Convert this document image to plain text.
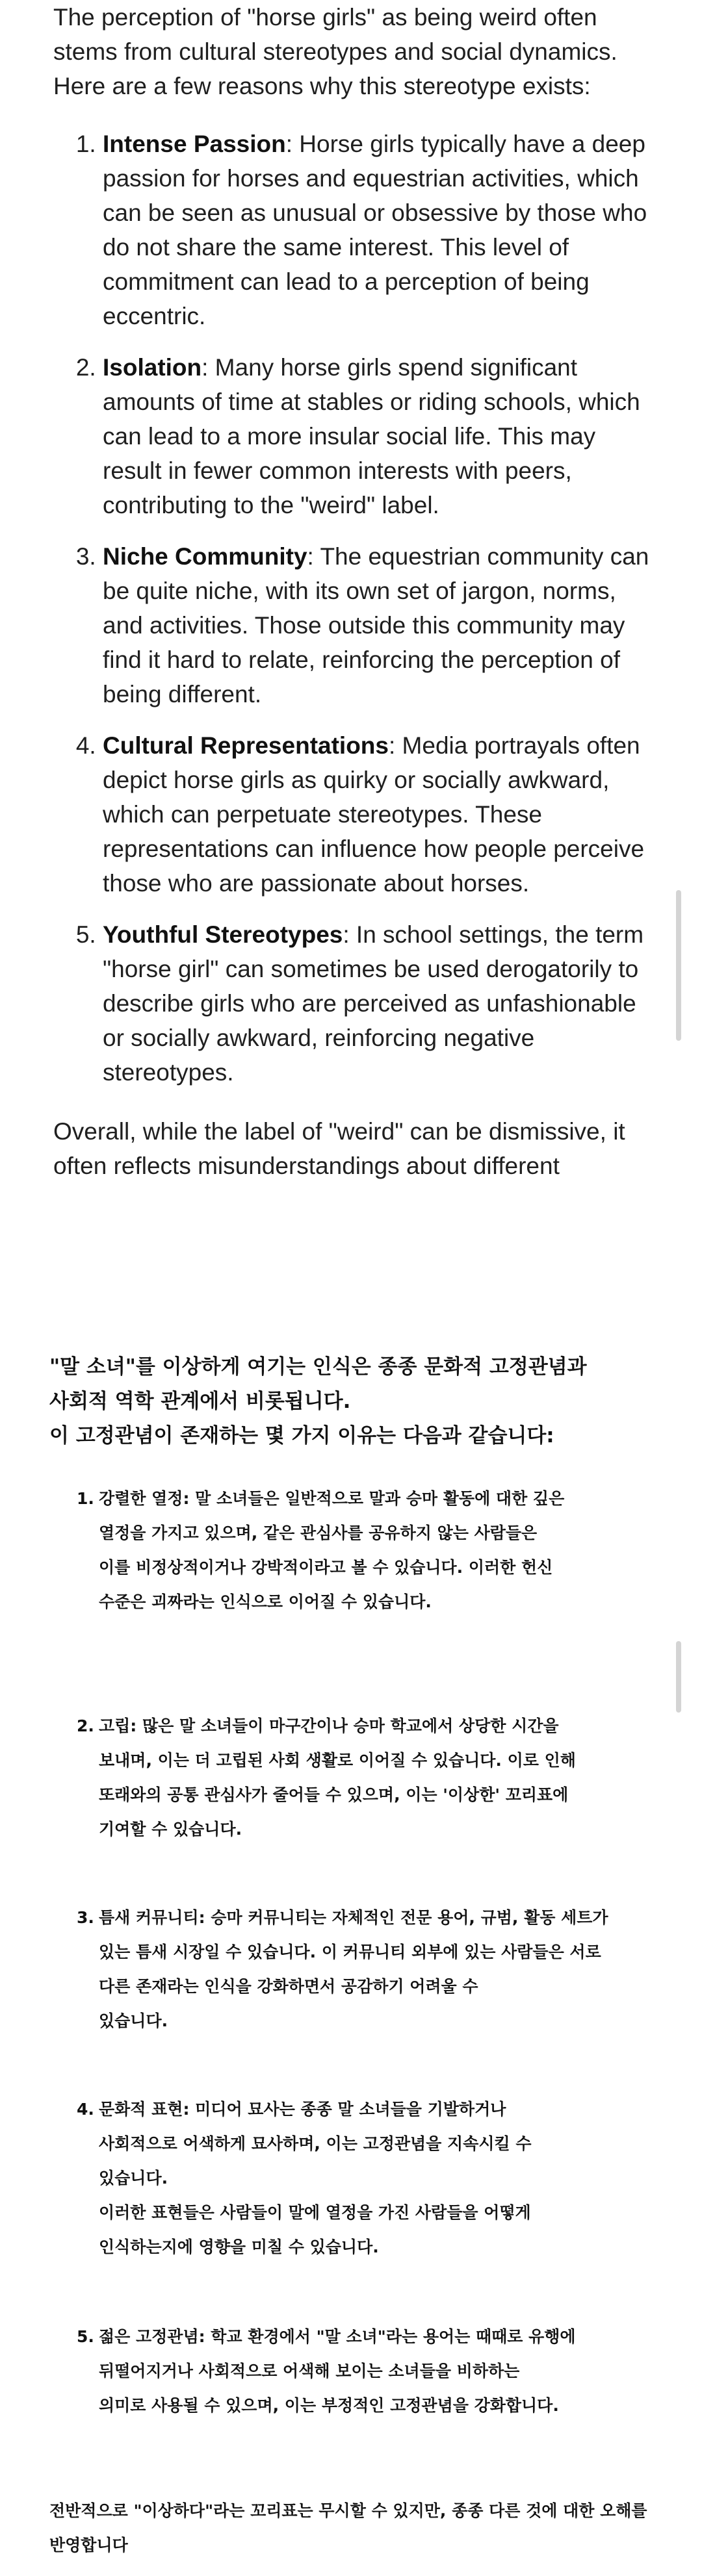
The perception of "horse girls" as being weird often stems from cultural stereotypes and social dynamics. Here are a few reasons why this stereotype exists:

1. Intense Passion: Horse girls typically have a deep passion for horses and equestrian activities, which can be seen as unusual or obsessive by those who do not share the same interest. This level of commitment can lead to a perception of being eccentric.
2. Isolation: Many horse girls spend significant amounts of time at stables or riding schools, which can lead to a more insular social life. This may result in fewer common interests with peers, contributing to the "weird" label.
3. Niche Community: The equestrian community can be quite niche, with its own set of jargon, norms, and activities. Those outside this community may find it hard to relate, reinforcing the perception of being different.
4. Cultural Representations: Media portrayals often depict horse girls as quirky or socially awkward, which can perpetuate stereotypes. These representations can influence how people perceive those who are passionate about horses.
5. Youthful Stereotypes: In school settings, the term "horse girl" can sometimes be used derogatorily to describe girls who are perceived as unfashionable or socially awkward, reinforcing negative stereotypes.

Overall, while the label of "weird" can be dismissive, it often reflects misunderstandings about different

"말 소녀"를 이상하게 여기는 인식은 종종 문화적 고정관념과
사회적 역학 관계에서 비롯됩니다.
이 고정관념이 존재하는 몇 가지 이유는 다음과 같습니다:
1. 강렬한 열정: 말 소녀들은 일반적으로 말과 승마 활동에 대한 깊은
열정을 가지고 있으며, 같은 관심사를 공유하지 않는 사람들은
이를 비정상적이거나 강박적이라고 볼 수 있습니다. 이러한 헌신
수준은 괴짜라는 인식으로 이어질 수 있습니다.
2. 고립: 많은 말 소녀들이 마구간이나 승마 학교에서 상당한 시간을
보내며, 이는 더 고립된 사회 생활로 이어질 수 있습니다. 이로 인해
또래와의 공통 관심사가 줄어들 수 있으며, 이는 '이상한' 꼬리표에
기여할 수 있습니다.
3. 틈새 커뮤니티: 승마 커뮤니티는 자체적인 전문 용어, 규범, 활동 세트가
있는 틈새 시장일 수 있습니다. 이 커뮤니티 외부에 있는 사람들은 서로
다른 존재라는 인식을 강화하면서 공감하기 어려울 수
있습니다.
4. 문화적 표현: 미디어 묘사는 종종 말 소녀들을 기발하거나
사회적으로 어색하게 묘사하며, 이는 고정관념을 지속시킬 수
있습니다.
이러한 표현들은 사람들이 말에 열정을 가진 사람들을 어떻게
인식하는지에 영향을 미칠 수 있습니다.
5. 젊은 고정관념: 학교 환경에서 "말 소녀"라는 용어는 때때로 유행에
뒤떨어지거나 사회적으로 어색해 보이는 소녀들을 비하하는
의미로 사용될 수 있으며, 이는 부정적인 고정관념을 강화합니다.
전반적으로 "이상하다"라는 꼬리표는 무시할 수 있지만, 종종 다른 것에 대한 오해를
반영합니다
